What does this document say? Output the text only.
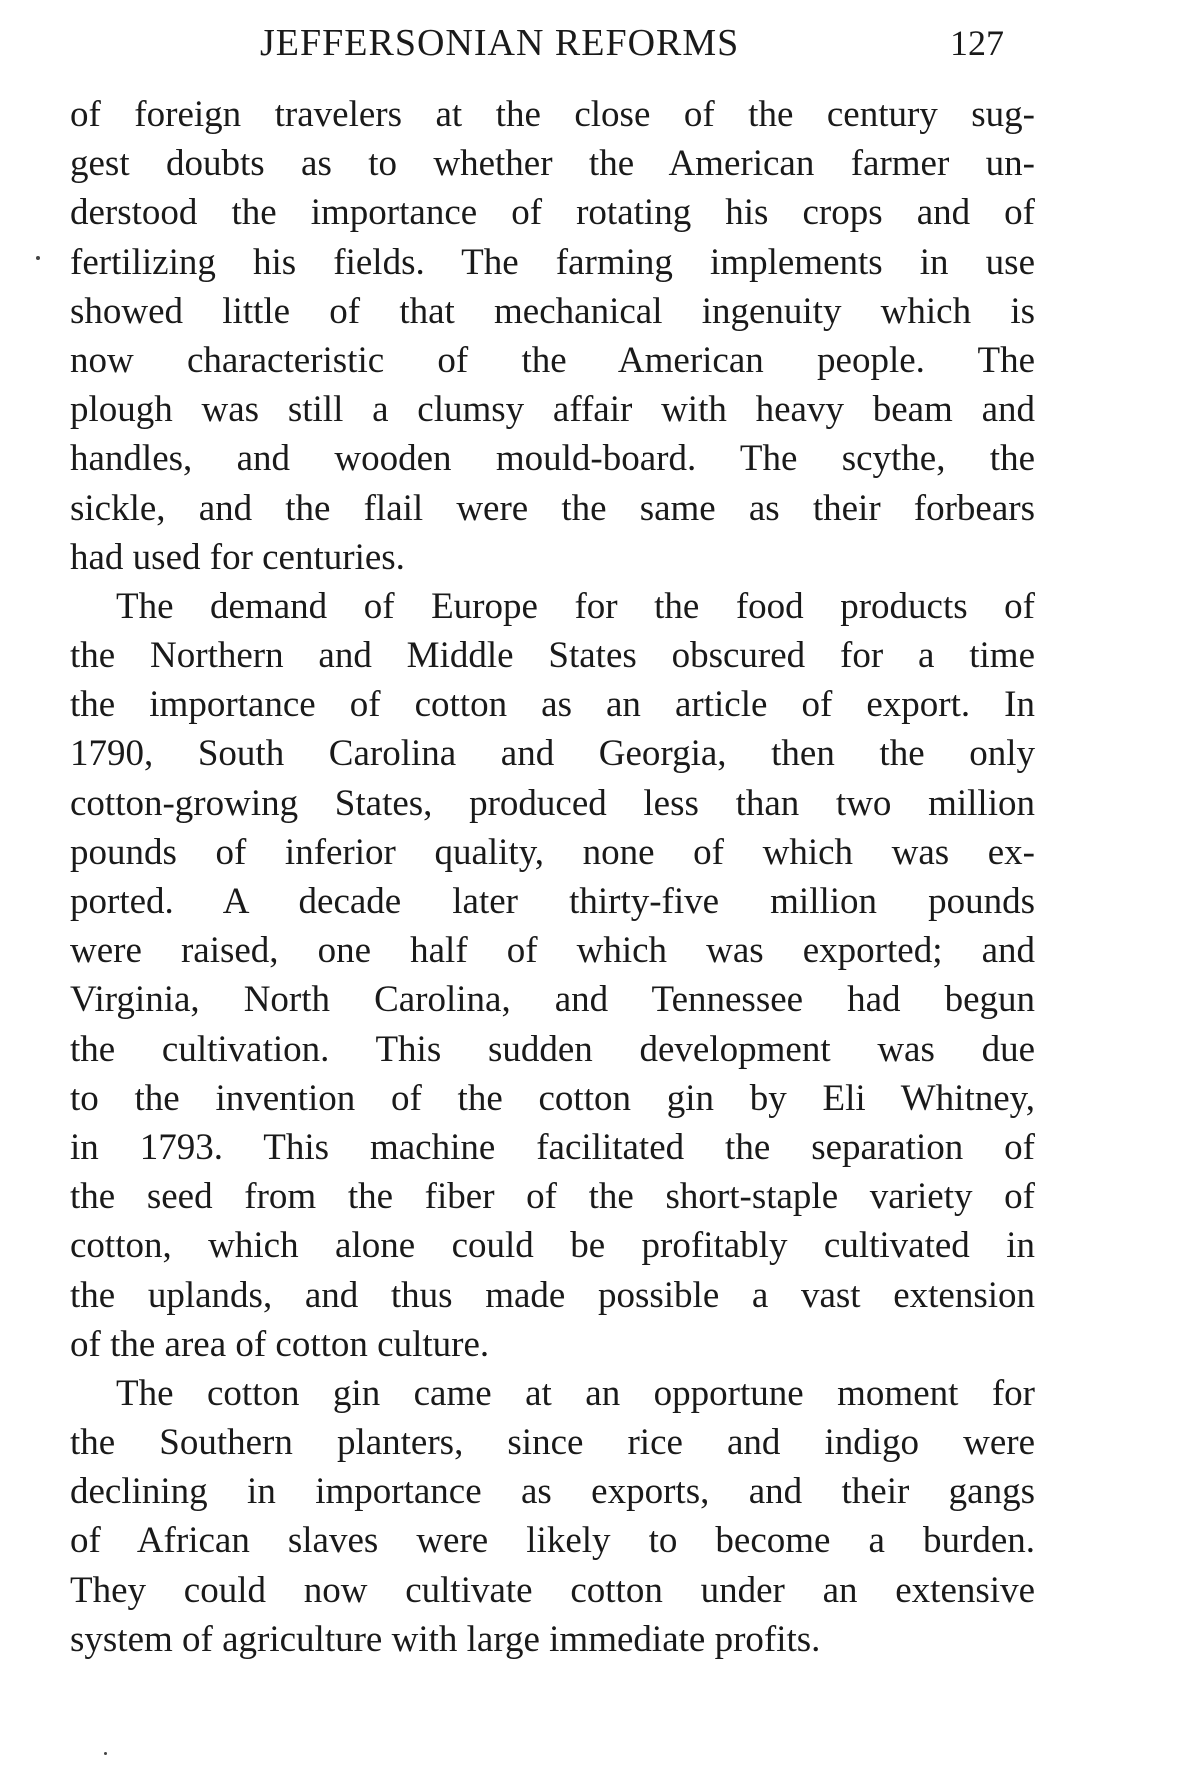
JEFFERSONIAN REFORMS	127
of foreign travelers at the close of the century sug-
gest doubts as to whether the American farmer un-
derstood the importance of rotating his crops and of
fertilizing his fields. The farming implements in use
showed little of that mechanical ingenuity which is
now characteristic of the American people. The
plough was still a clumsy affair with heavy beam and
handles, and wooden mould-board. The scythe, the
sickle, and the flail were the same as their forbears
had used for centuries.
The demand of Europe for the food products of
the Northern and Middle States obscured for a time
the importance of cotton as an article of export. In
1790, South Carolina and Georgia, then the only
cotton-growing States, produced less than two million
pounds of inferior quality, none of which was ex-
ported. A decade later thirty-five million pounds
were raised, one half of which was exported; and
Virginia, North Carolina, and Tennessee had begun
the cultivation. This sudden development was due
to the invention of the cotton gin by Eli Whitney,
in 1793. This machine facilitated the separation of
the seed from the fiber of the short-staple variety of
cotton, which alone could be profitably cultivated in
the uplands, and thus made possible a vast extension
of the area of cotton culture.
The cotton gin came at an opportune moment for
the Southern planters, since rice and indigo were
declining in importance as exports, and their gangs
of African slaves were likely to become a burden.
They could now cultivate cotton under an extensive
system of agriculture with large immediate profits.
